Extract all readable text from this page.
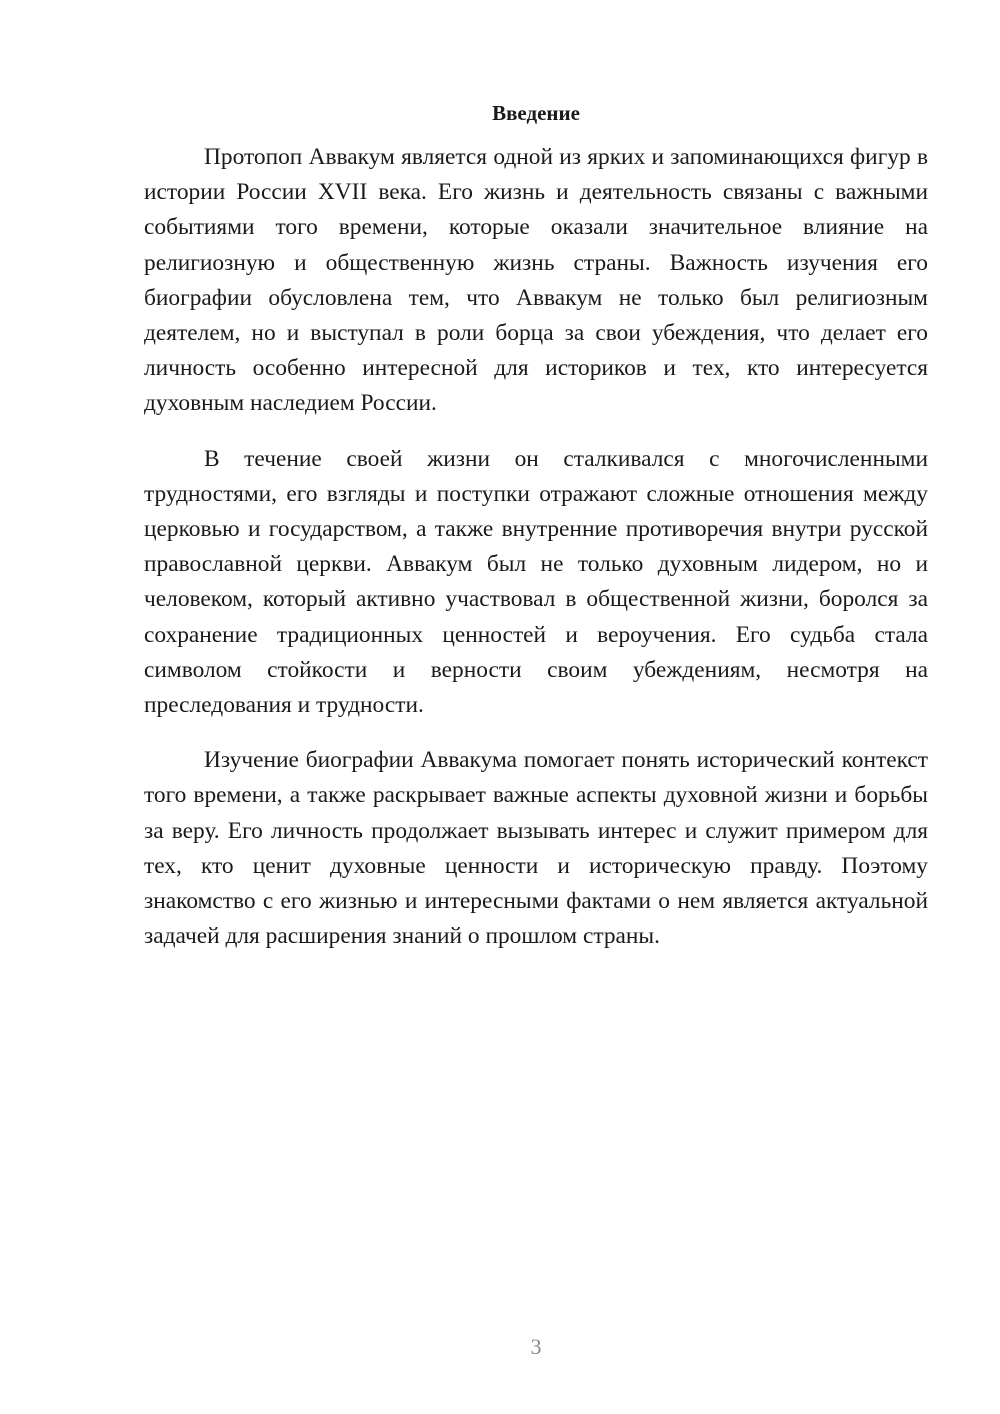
Введение

Протопоп Аввакум является одной из ярких и запоминающихся фигур в истории России XVII века. Его жизнь и деятельность связаны с важными событиями того времени, которые оказали значительное влияние на религиозную и общественную жизнь страны. Важность изучения его биографии обусловлена тем, что Аввакум не только был религиозным деятелем, но и выступал в роли борца за свои убеждения, что делает его личность особенно интересной для историков и тех, кто интересуется духовным наследием России.

В течение своей жизни он сталкивался с многочисленными трудностями, его взгляды и поступки отражают сложные отношения между церковью и государством, а также внутренние противоречия внутри русской православной церкви. Аввакум был не только духовным лидером, но и человеком, который активно участвовал в общественной жизни, боролся за сохранение традиционных ценностей и вероучения. Его судьба стала символом стойкости и верности своим убеждениям, несмотря на преследования и трудности.

Изучение биографии Аввакума помогает понять исторический контекст того времени, а также раскрывает важные аспекты духовной жизни и борьбы за веру. Его личность продолжает вызывать интерес и служит примером для тех, кто ценит духовные ценности и историческую правду. Поэтому знакомство с его жизнью и интересными фактами о нем является актуальной задачей для расширения знаний о прошлом страны.

3
